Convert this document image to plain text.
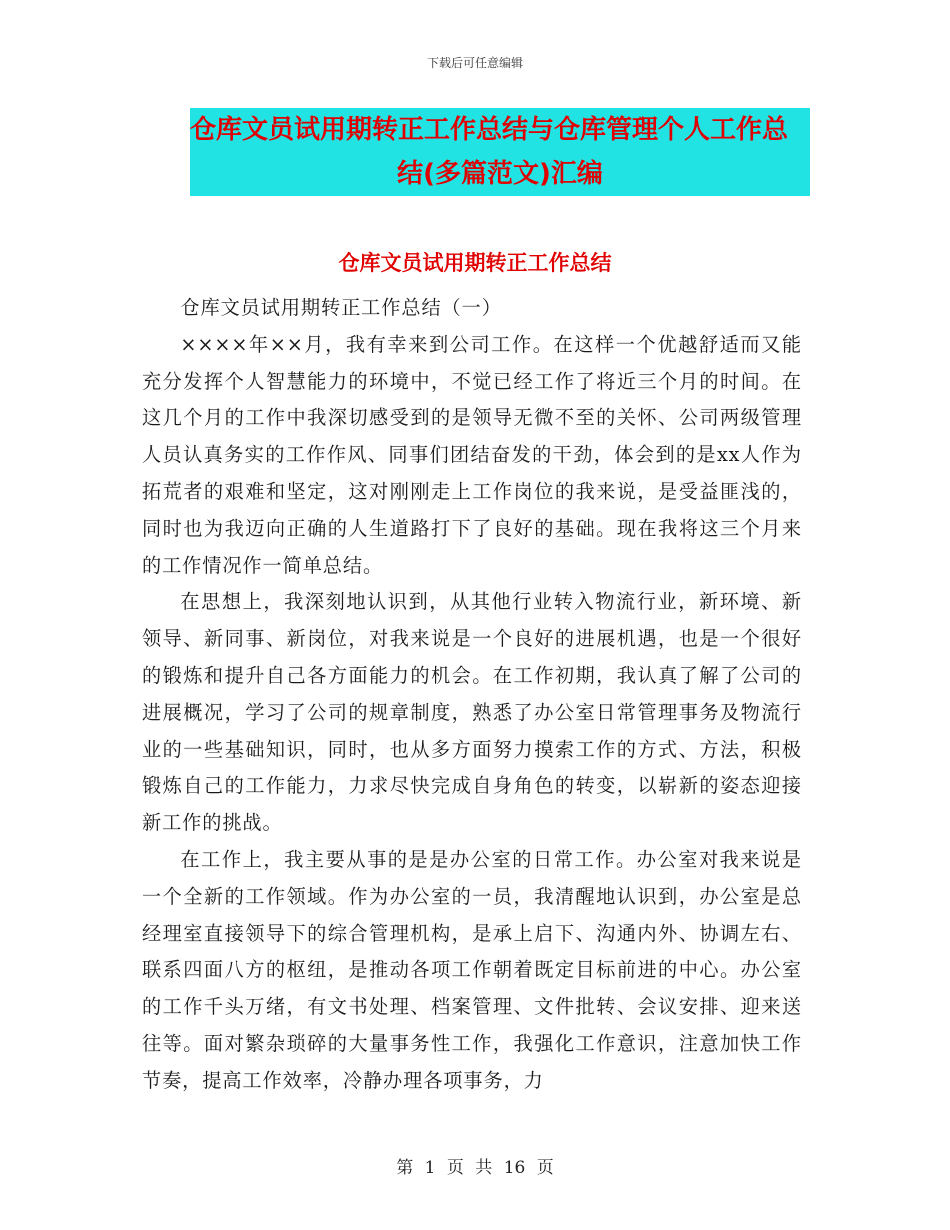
下载后可任意编辑
仓库文员试用期转正工作总结与仓库管理个人工作总
结(多篇范文)汇编
仓库文员试用期转正工作总结

仓库文员试用期转正工作总结（一）

××××年××月，我有幸来到公司工作。在这样一个优越舒适而又能充分发挥个人智慧能力的环境中，不觉已经工作了将近三个月的时间。在这几个月的工作中我深切感受到的是领导无微不至的关怀、公司两级管理人员认真务实的工作作风、同事们团结奋发的干劲，体会到的是xx人作为拓荒者的艰难和坚定，这对刚刚走上工作岗位的我来说，是受益匪浅的，同时也为我迈向正确的人生道路打下了良好的基础。现在我将这三个月来的工作情况作一简单总结。

在思想上，我深刻地认识到，从其他行业转入物流行业，新环境、新领导、新同事、新岗位，对我来说是一个良好的进展机遇，也是一个很好的锻炼和提升自己各方面能力的机会。在工作初期，我认真了解了公司的进展概况，学习了公司的规章制度，熟悉了办公室日常管理事务及物流行业的一些基础知识，同时，也从多方面努力摸索工作的方式、方法，积极锻炼自己的工作能力，力求尽快完成自身角色的转变，以崭新的姿态迎接新工作的挑战。

在工作上，我主要从事的是是办公室的日常工作。办公室对我来说是一个全新的工作领域。作为办公室的一员，我清醒地认识到，办公室是总经理室直接领导下的综合管理机构，是承上启下、沟通内外、协调左右、联系四面八方的枢纽，是推动各项工作朝着既定目标前进的中心。办公室的工作千头万绪，有文书处理、档案管理、文件批转、会议安排、迎来送往等。面对繁杂琐碎的大量事务性工作，我强化工作意识，注意加快工作节奏，提高工作效率，冷静办理各项事务，力

第 1 页 共 16 页
